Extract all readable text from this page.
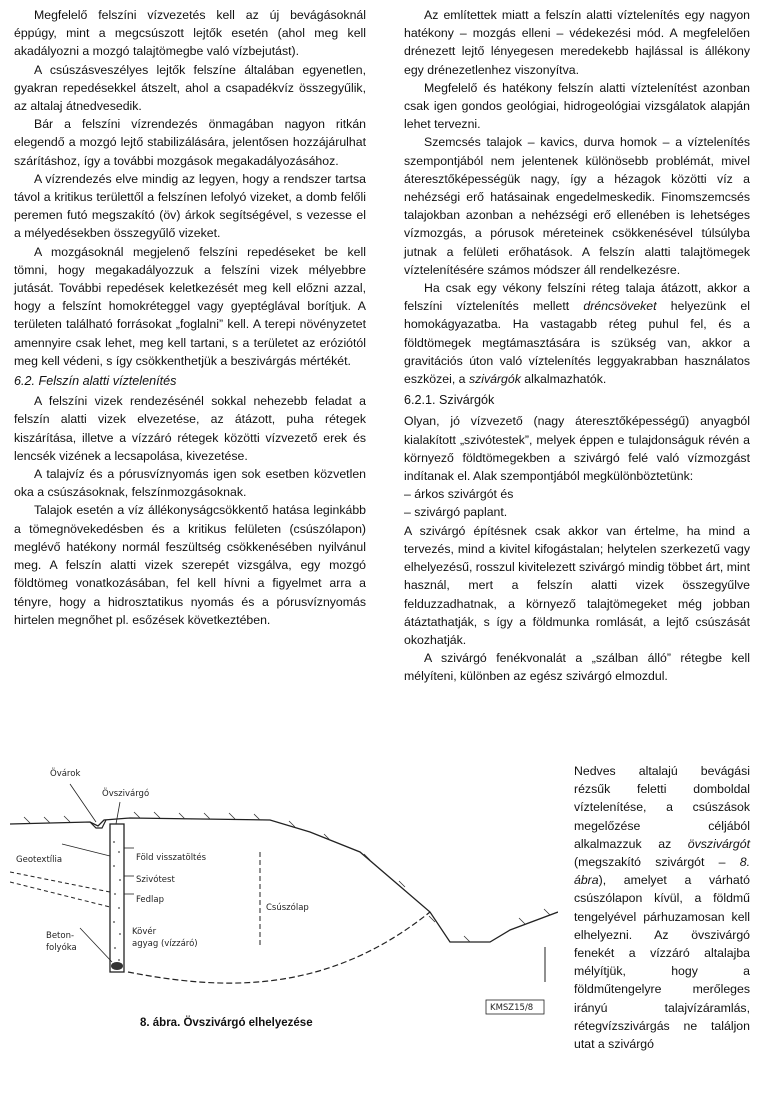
Megfelelő felszíni vízvezetés kell az új bevágásoknál éppúgy, mint a megcsúszott lejtők esetén (ahol meg kell akadályozni a mozgó talajtömegbe való vízbejutást).

A csúszásveszélyes lejtők felszíne általában egyenetlen, gyakran repedésekkel átszelt, ahol a csapadékvíz összegyűlik, az altalaj átnedvesedik.

Bár a felszíni vízrendezés önmagában nagyon ritkán elegendő a mozgó lejtő stabilizálására, jelentősen hozzájárulhat szárításhoz, így a további mozgások megakadályozásához.

A vízrendezés elve mindig az legyen, hogy a rendszer tartsa távol a kritikus területtől a felszínen lefolyó vizeket, a domb felőli peremen futó megszakító (öv) árkok segítségével, s vezesse el a mélyedésekben összegyűlő vizeket.

A mozgásoknál megjelenő felszíni repedéseket be kell tömni, hogy megakadályozzuk a felszíni vizek mélyebbre jutását. További repedések keletkezését meg kell előzni azzal, hogy a felszínt homokréteggel vagy gyeptéglával borítjuk. A területen található forrásokat „foglalni” kell. A terepi növényzetet amennyire csak lehet, meg kell tartani, s a területet az eróziótól meg kell védeni, s így csökkenthetjük a beszivárgás mértékét.

6.2. Felszín alatti víztelenítés

A felszíni vizek rendezésénél sokkal nehezebb feladat a felszín alatti vizek elvezetése, az átázott, puha rétegek kiszárítása, illetve a vízzáró rétegek közötti vízvezető erek és lencsék vizének a lecsapolása, kivezetése.

A talajvíz és a pórusvíznyomás igen sok esetben közvetlen oka a csúszásoknak, felszínmozgásoknak.

Talajok esetén a víz állékonyságcsökkentő hatása leginkább a tömegnövekedésben és a kritikus felületen (csúszólapon) meglévő hatékony normál feszültség csökkenésében nyilvánul meg. A felszín alatti vizek szerepét vizsgálva, egy mozgó földtömeg vonatkozásában, fel kell hívni a figyelmet arra a tényre, hogy a hidrosztatikus nyomás és a pórusvíznyomás hirtelen megnőhet pl. esőzések következtében.

Az említettek miatt a felszín alatti víztelenítés egy nagyon hatékony – mozgás elleni – védekezési mód. A megfelelően drénezett lejtő lényegesen meredekebb hajlással is állékony egy drénezetlenhez viszonyítva.

Megfelelő és hatékony felszín alatti víztelenítést azonban csak igen gondos geológiai, hidrogeológiai vizsgálatok alapján lehet tervezni.

Szemcsés talajok – kavics, durva homok – a víztelenítés szempontjából nem jelentenek különösebb problémát, mivel áteresztőképességük nagy, így a hézagok közötti víz a nehézségi erő hatásainak engedelmeskedik. Finomszemcsés talajokban azonban a nehézségi erő ellenében is lehetséges vízmozgás, a pórusok méreteinek csökkenésével túlsúlyba jutnak a felületi erőhatások. A felszín alatti talajtömegek víztelenítésére számos módszer áll rendelkezésre.

Ha csak egy vékony felszíni réteg talaja átázott, akkor a felszíni víztelenítés mellett dréncsöveket helyezünk el homokágyazatba. Ha vastagabb réteg puhul fel, és a földtömegek megtámasztására is szükség van, akkor a gravitációs úton való víztelenítés leggyakrabban használatos eszközei, a szivárgók alkalmazhatók.

6.2.1. Szivárgók

Olyan, jó vízvezető (nagy áteresztőképességű) anyagból kialakított „szivótestek”, melyek éppen e tulajdonságuk révén a környező földtömegekben a szivárgó felé való vízmozgást indítanak el. Alak szempontjából megkülönböztetünk:

– árkos szivárgót és
– szivárgó paplant.

A szivárgó építésnek csak akkor van értelme, ha mind a tervezés, mind a kivitel kifogástalan; helytelen szerkezetű vagy elhelyezésű, rosszul kivitelezett szivárgó mindig többet árt, mint használ, mert a felszín alatti vizek összegyűlve felduzzadhatnak, a környező talajtömegeket még jobban átáztathatják, s így a földmunka romlását, a lejtő csúszását okozhatják.

A szivárgó fenékvonalát a „szálban álló” rétegbe kell mélyíteni, különben az egész szivárgó elmozdul.

Övárok
Övszivárgó
Geotextília	Föld visszatöltés
Szivótest
Fedlap
Beton-
folyóka
Kövér
agyag (vízzáró)
Csúszólap
KMSZ15/8
8. ábra. Övszivárgó elhelyezése
Nedves altalajú bevágási rézsűk feletti domboldal víztelenítése, a csúszások megelőzése céljából alkalmazzuk az övszivárgót (megszakító szivárgót – 8. ábra), amelyet a várható csúszólapon kívül, a földmű tengelyével párhuzamosan kell elhelyezni. Az övszivárgó fenekét a vízzáró altalajba mélyítjük, hogy a földműtengelyre merőleges irányú talajvízáramlás, rétegvízszivárgás ne találjon utat a szivárgó
